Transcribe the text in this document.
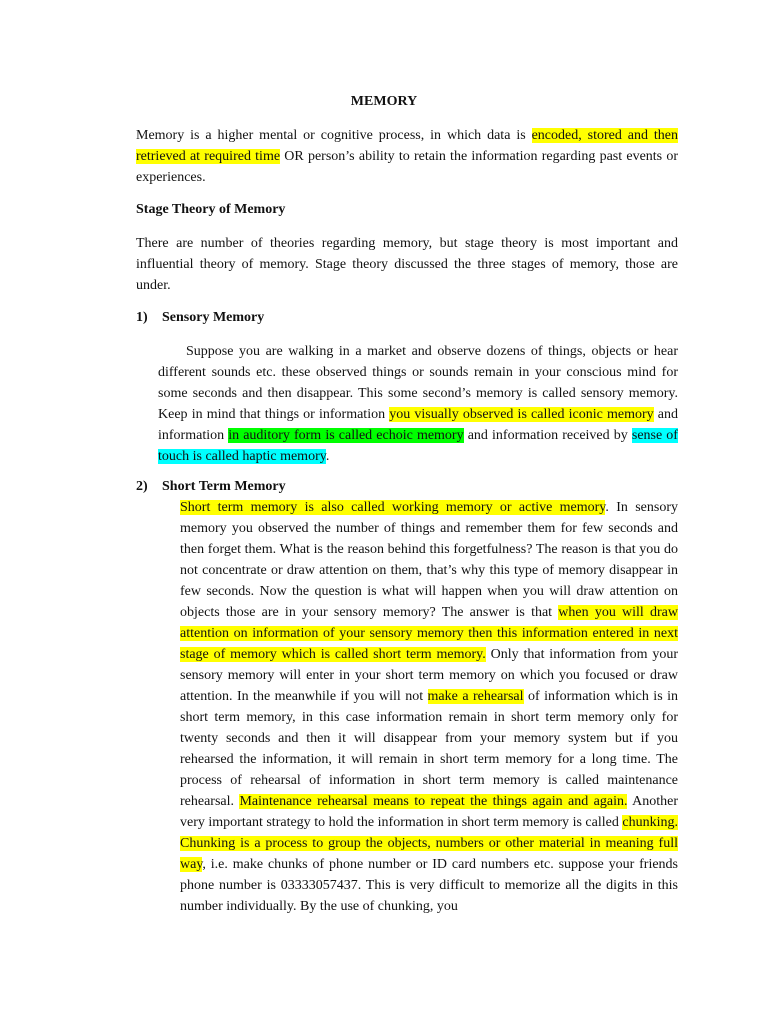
MEMORY
Memory is a higher mental or cognitive process, in which data is encoded, stored and then retrieved at required time OR person’s ability to retain the information regarding past events or experiences.
Stage Theory of Memory
There are number of theories regarding memory, but stage theory is most important and influential theory of memory. Stage theory discussed the three stages of memory, those are under.
1) Sensory Memory
Suppose you are walking in a market and observe dozens of things, objects or hear different sounds etc. these observed things or sounds remain in your conscious mind for some seconds and then disappear. This some second’s memory is called sensory memory. Keep in mind that things or information you visually observed is called iconic memory and information in auditory form is called echoic memory and information received by sense of touch is called haptic memory.
2) Short Term Memory
Short term memory is also called working memory or active memory. In sensory memory you observed the number of things and remember them for few seconds and then forget them. What is the reason behind this forgetfulness? The reason is that you do not concentrate or draw attention on them, that’s why this type of memory disappear in few seconds. Now the question is what will happen when you will draw attention on objects those are in your sensory memory? The answer is that when you will draw attention on information of your sensory memory then this information entered in next stage of memory which is called short term memory. Only that information from your sensory memory will enter in your short term memory on which you focused or draw attention. In the meanwhile if you will not make a rehearsal of information which is in short term memory, in this case information remain in short term memory only for twenty seconds and then it will disappear from your memory system but if you rehearsed the information, it will remain in short term memory for a long time. The process of rehearsal of information in short term memory is called maintenance rehearsal. Maintenance rehearsal means to repeat the things again and again. Another very important strategy to hold the information in short term memory is called chunking. Chunking is a process to group the objects, numbers or other material in meaning full way, i.e. make chunks of phone number or ID card numbers etc. suppose your friends phone number is 03333057437. This is very difficult to memorize all the digits in this number individually. By the use of chunking, you
